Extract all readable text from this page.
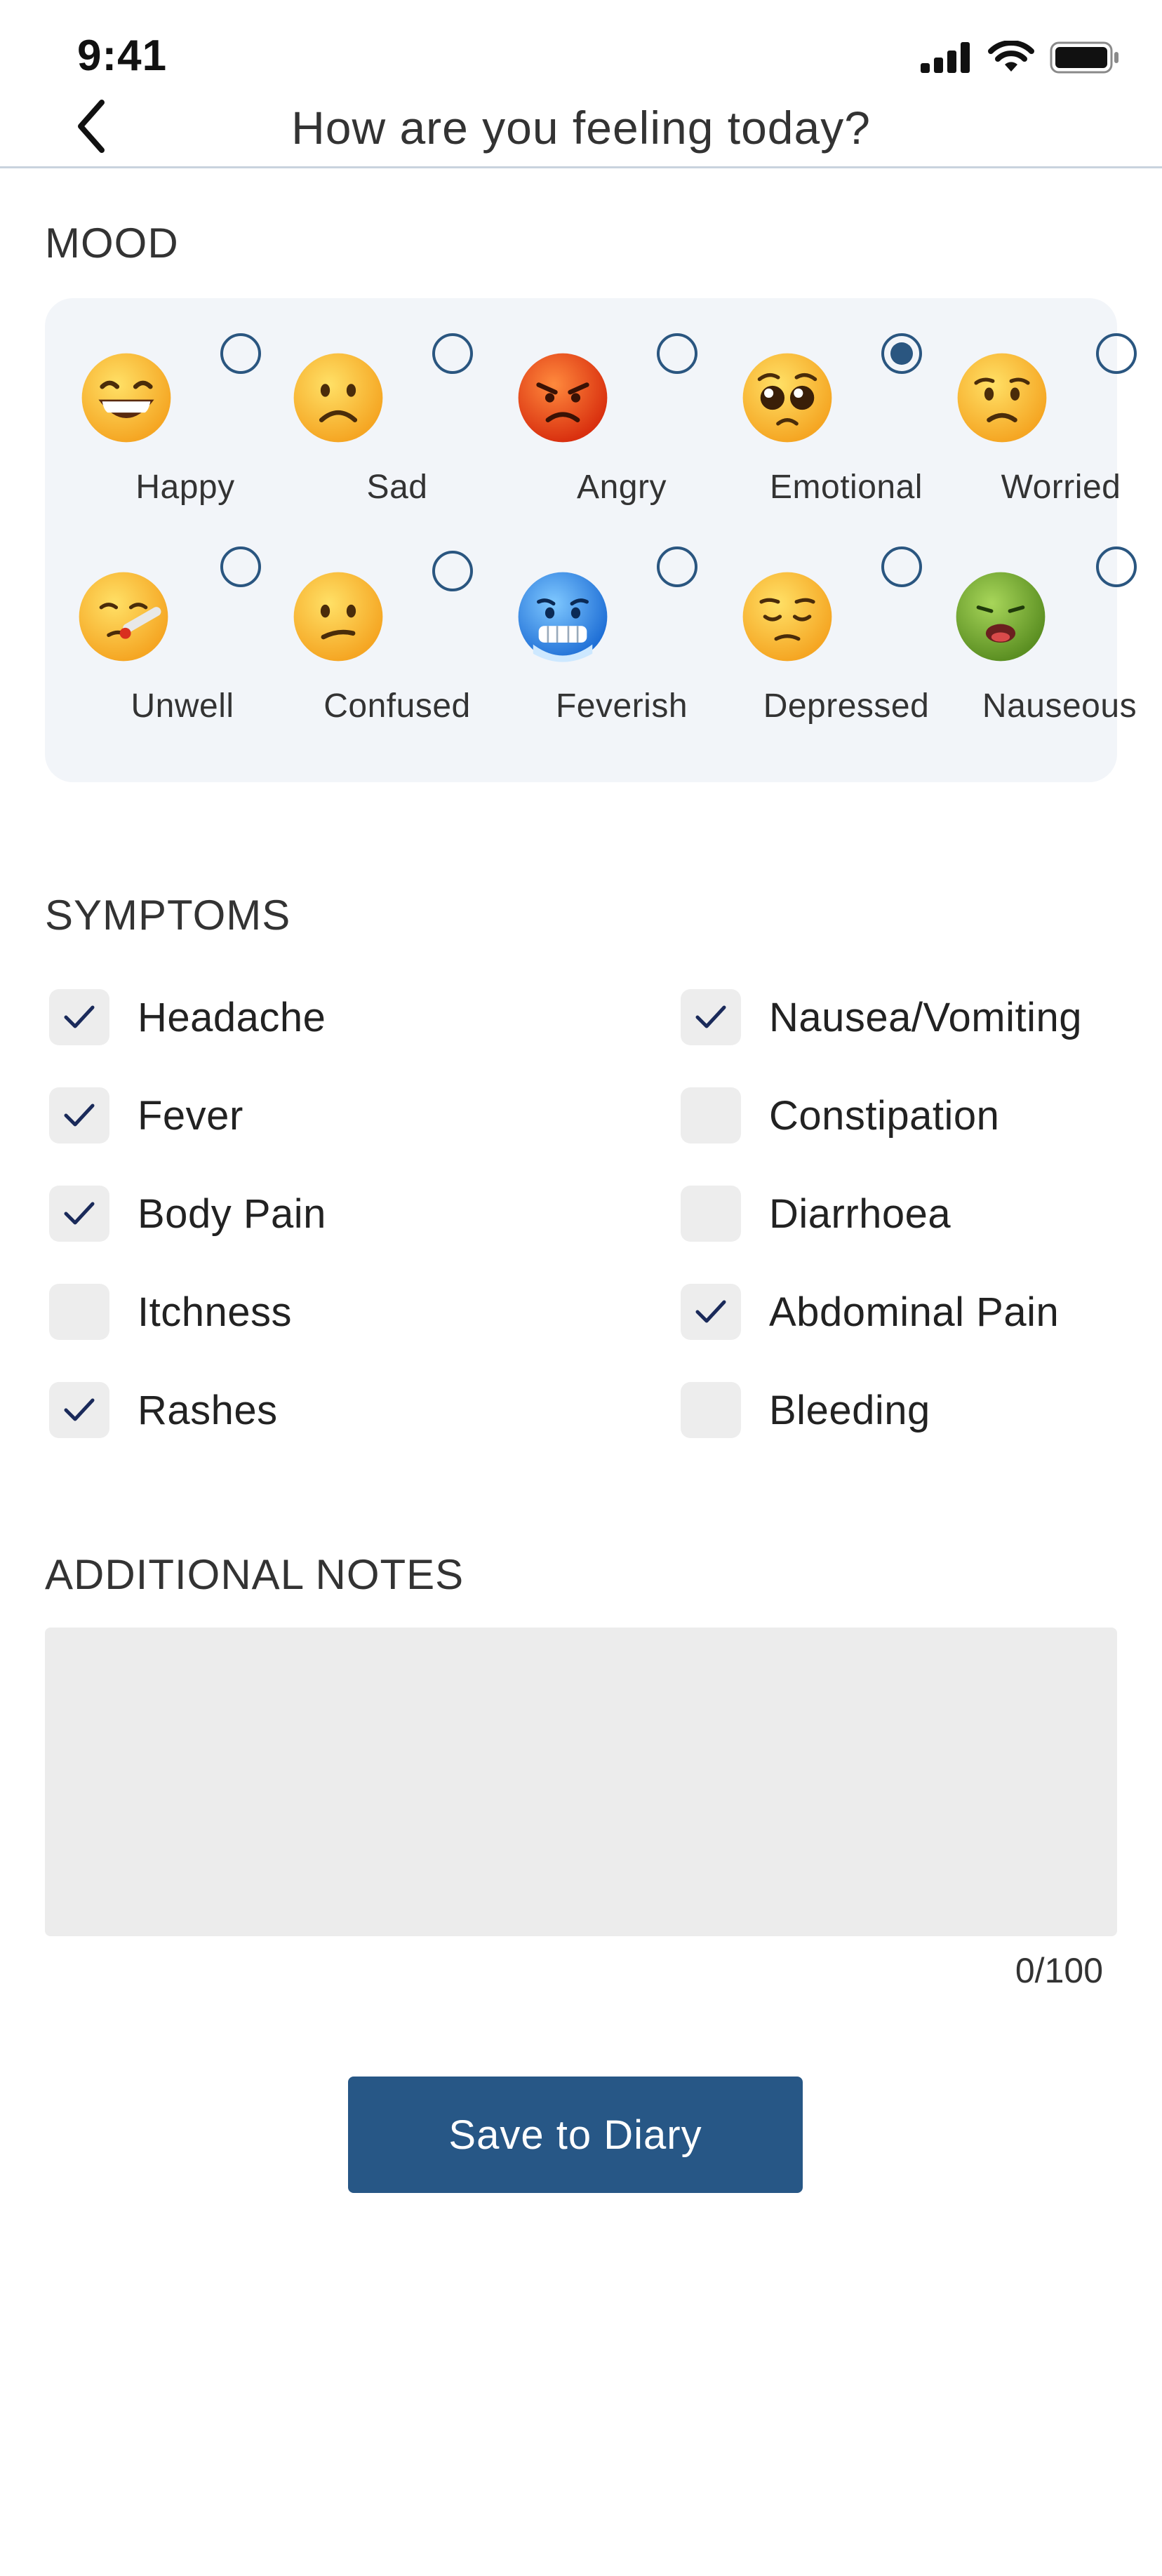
9:41
How are you feeling today?
MOOD
Happy	Sad	Angry	Emotional	Worried
Unwell	Confused	Feverish	Depressed	Nauseous
SYMPTOMS
Headache
Fever
Body Pain
Itchness
Rashes
Nausea/Vomiting
Constipation
Diarrhoea
Abdominal Pain
Bleeding
ADDITIONAL NOTES
0/100
Save to Diary
